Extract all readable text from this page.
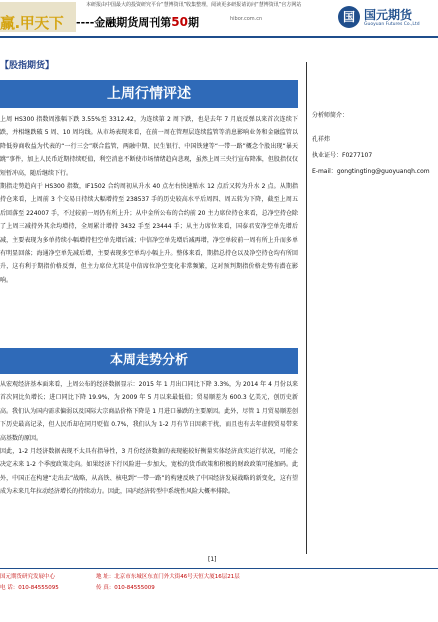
赢.甲天下
本研报由中国最大的投资研究平台“慧博资讯”收集整理，阅读更多研报请访问“慧博资讯”官方网站
hibor.com.cn
----金融期货周刊第50期	国 国元期货
Guoyuan Futures Co.,Ltd
【股指期货】
上周行情评述

上周 HS300 指数周涨幅下跌 3.55%至 3312.42，为连续第 2 周下跌，也是去年 7 月底反弹以来首次连续下跌，并相继跌破 5 周、10 周均线。从市场表现来看，在前一周在管理层连续监管等消息影响业务和金融监管以降低券商收益为代表的“一行三会”联合监管，两融中期、民生银行、中国铁建等“一带一路”概念个股出现“暴天跳”事件，加上人民币近期持续贬值，利空消息不断使市场情绪趋向悲观，虽然上周三央行宣布降准，但股指仅仅短暂冲高，随后继续下行。

期指走势趋向于 HS300 指数，IF1502 合约周初从升水 40 点左右快速贴水 12 点后又转为升水 2 点。从期指持仓来看，上周前 3 个交易日持续大幅增持至 238537 手的历史较高水平后周四、周五转为下降，截至上周五后回落至 224007 手，不过较前一周仍有所上升；从中金所公布的合约前 20 主力席位持仓来看，总净空持仓除了上周三减持外其余均增持，全周累计增持 3432 手至 23444 手；从主力席位来看，国泰君安净空单先增后减，主要表现为多单持续小幅增持但空单先增后减；中信净空单先增后减再增，净空单较前一周有所上升而多单有明显回落；海通净空单先减后增，主要表现多空单均小幅上升。整体来看，期指总持仓以及净空持仓均有所回升，这有利于期指价格反弹，但主力席位尤其是中信席位净空变化非常频繁，这对预判期指价格走势有潜在影响。

本周走势分析

从宏观经济基本面来看，上周公布的经济数据显示：2015 年 1 月出口同比下降 3.3%，为 2014 年 4 月份以来首次同比负增长；进口同比下降 19.9%，为 2009 年 5 月以来最低值；贸易顺差为 600.3 亿美元，创历史新高。我们认为国内需求偏弱以及国际大宗商品价格下降是 1 月进口暴跌的主要原因。此外，尽管 1 月贸易顺差创下历史最高记录，但人民币却在同月贬值 0.7%，我们认为 1-2 月有节日因素干扰，而且也有去年虚假贸易带来高基数的原因。

因此，1-2 月经济数据表现不太具有指导性，3 月份经济数据的表现能较好衡量实体经济真实运行状况，可能会决定未来 1-2 个季度政策走向。如果经济下行风险进一步加大，宽松的货币政策和积极的财政政策可能加码。此外，中国正在构建“走出去”战略，从高铁、核电到“一带一路”的构建反映了中国经济发展战略的新变化，这有望成为未来几年拉动经济增长的持续动力。因此，国内经济转型中系统性风险大概率排除。

分析师简介：
孔祥炜
执业证号：F0277107
E-mail：gongtingting@guoyuanqh.com
[1]
国元期货研究发展中心	地 址：北京市东城区东直门外大街46号天恒大厦16层21层
电 话：010-84555095	传 真：010-84555009
